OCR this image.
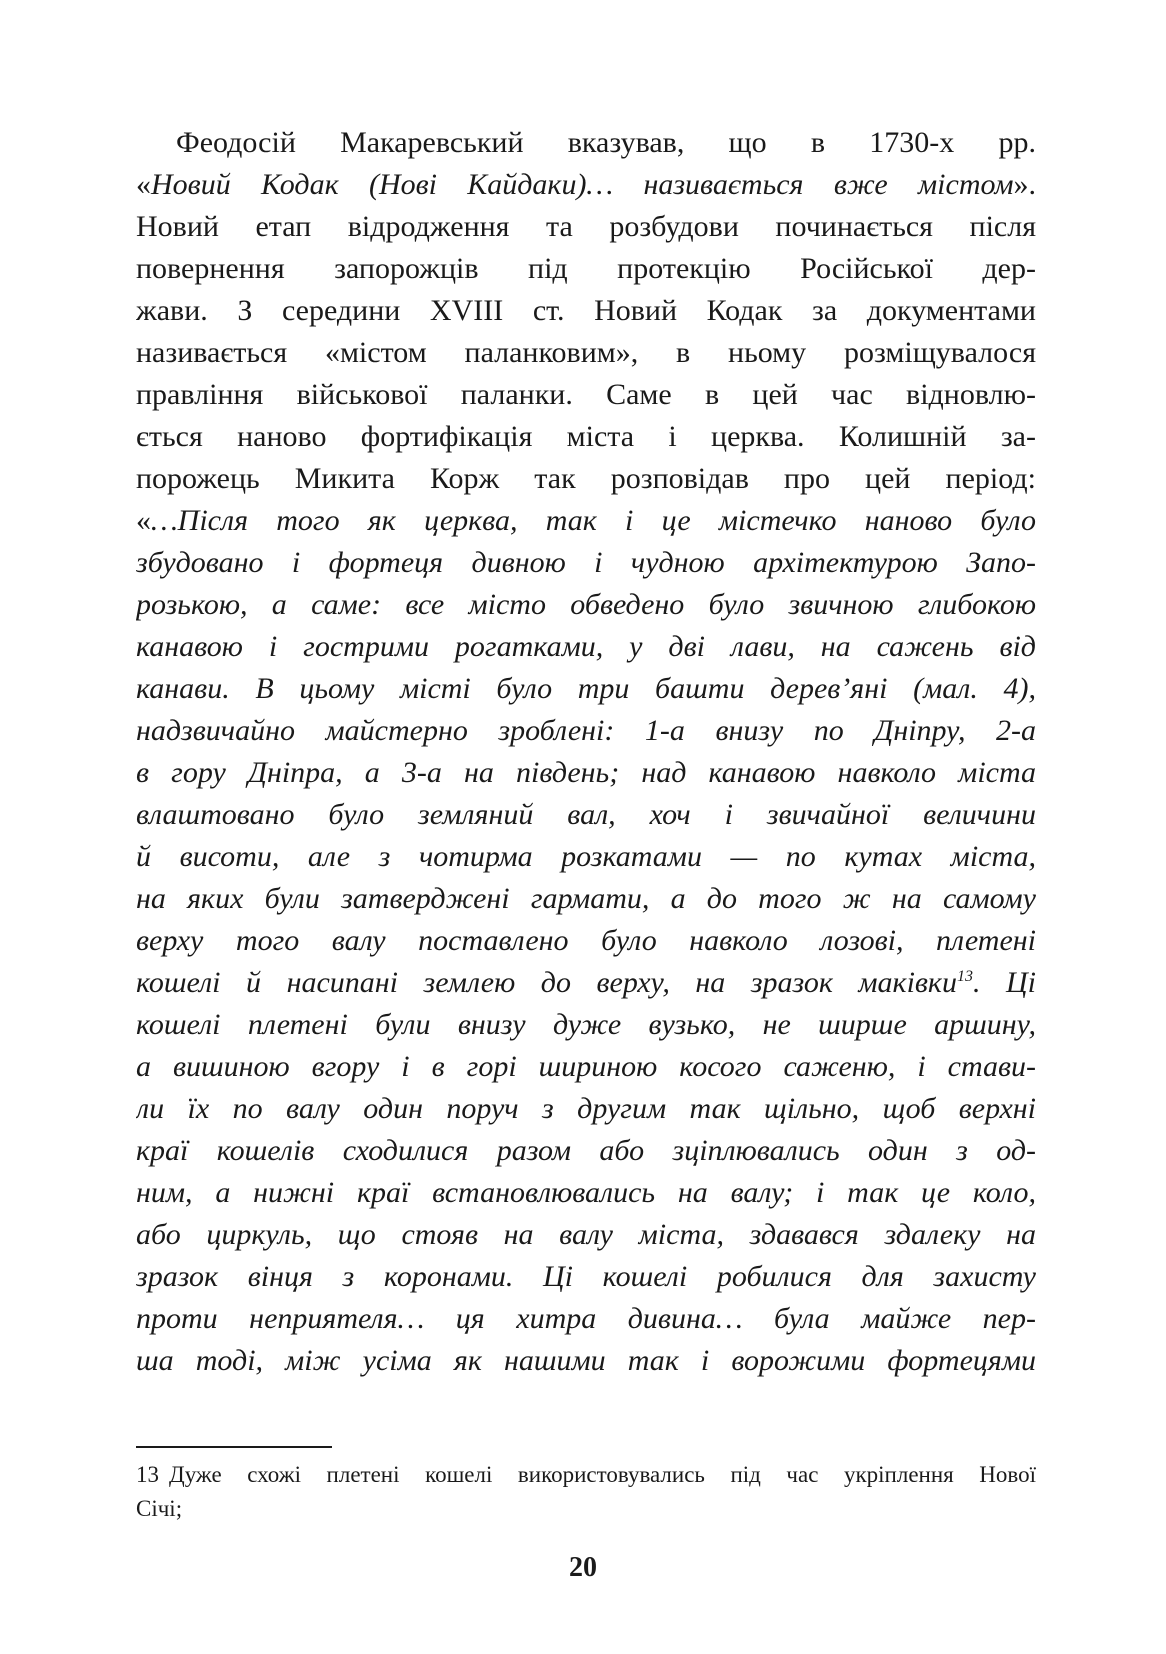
Феодосій Макаревський вказував, що в 1730-х рр.
«Новий Кодак (Нові Кайдаки)… називається вже містом».
Новий етап відродження та розбудови починається після
повернення запорожців під протекцію Російської дер-
жави. З середини XVIII ст. Новий Кодак за документами
називається «містом паланковим», в ньому розміщувалося
правління військової паланки. Саме в цей час відновлю-
ється наново фортифікація міста і церква. Колишній за-
порожець Микита Корж так розповідав про цей період:
«…Після того як церква, так і це містечко наново було
збудовано і фортеця дивною і чудною архітектурою Запо-
розькою, а саме: все місто обведено було звичною глибокою
канавою і гострими рогатками, у дві лави, на сажень від
канави. В цьому місті було три башти дерев’яні (мал. 4),
надзвичайно майстерно зроблені: 1-а внизу по Дніпру, 2-а
в гору Дніпра, а 3-а на південь; над канавою навколо міста
влаштовано було земляний вал, хоч і звичайної величини
й висоти, але з чотирма розкатами — по кутах міста,
на яких були затверджені гармати, а до того ж на самому
верху того валу поставлено було навколо лозові, плетені
кошелі й насипані землею до верху, на зразок маківки$^{13}$. Ці
кошелі плетені були внизу дуже вузько, не ширше аршину,
а вишиною вгору і в горі шириною косого саженю, і стави-
ли їх по валу один поруч з другим так щільно, щоб верхні
краї кошелів сходилися разом або зціплювались один з од-
ним, а нижні краї встановлювались на валу; і так це коло,
або циркуль, що стояв на валу міста, здавався здалеку на
зразок вінця з коронами. Ці кошелі робилися для захисту
проти неприятеля… ця хитра дивина… була майже пер-
ша тоді, між усіма як нашими так і ворожими фортецями
13 Дуже схожі плетені кошелі використовувались під час укріплення Нової
Січі;
20
